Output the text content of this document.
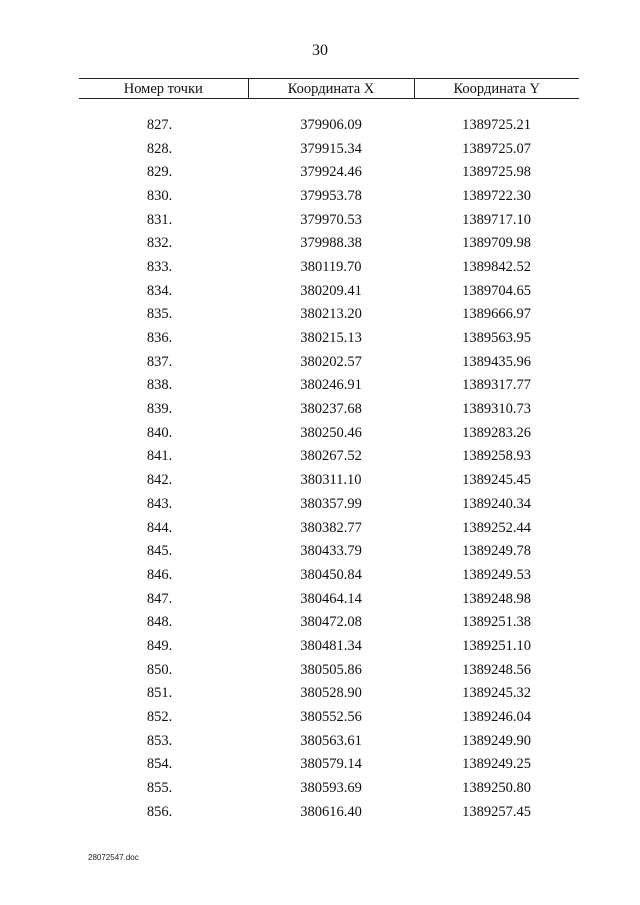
30
Номер точки	Координата X	Координата Y

827.	379906.09	1389725.21
828.	379915.34	1389725.07
829.	379924.46	1389725.98
830.	379953.78	1389722.30
831.	379970.53	1389717.10
832.	379988.38	1389709.98
833.	380119.70	1389842.52
834.	380209.41	1389704.65
835.	380213.20	1389666.97
836.	380215.13	1389563.95
837.	380202.57	1389435.96
838.	380246.91	1389317.77
839.	380237.68	1389310.73
840.	380250.46	1389283.26
841.	380267.52	1389258.93
842.	380311.10	1389245.45
843.	380357.99	1389240.34
844.	380382.77	1389252.44
845.	380433.79	1389249.78
846.	380450.84	1389249.53
847.	380464.14	1389248.98
848.	380472.08	1389251.38
849.	380481.34	1389251.10
850.	380505.86	1389248.56
851.	380528.90	1389245.32
852.	380552.56	1389246.04
853.	380563.61	1389249.90
854.	380579.14	1389249.25
855.	380593.69	1389250.80
856.	380616.40	1389257.45
28072547.doc
